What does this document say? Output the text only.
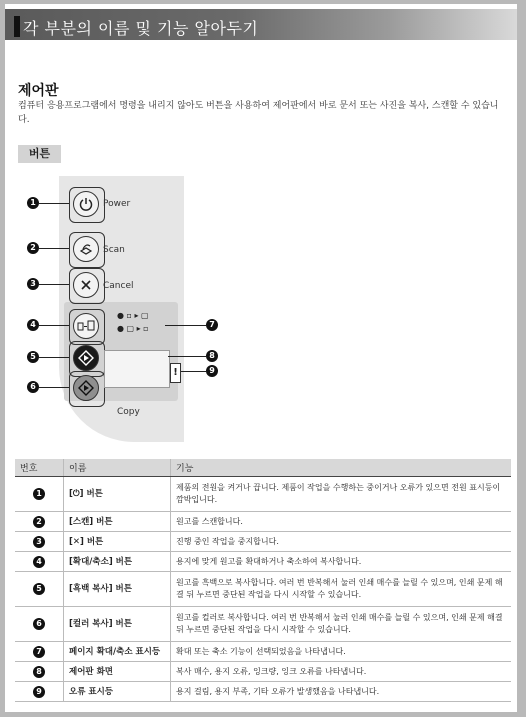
각 부분의 이름 및 기능 알아두기
제어판
컴퓨터 응용프로그램에서 명령을 내리지 않아도 버튼을 사용하여 제어판에서 바로 문서 또는 사진을 복사, 스캔할 수 있습니다.
버튼
Power
Scan
Cancel
● ▫ ▸ ▢
● ▢ ▸ ▫
!
Copy
1
2
3
4
5
6
7
8
9
번호	이름	기능
1	[⏻] 버튼	제품의 전원을 켜거나 끕니다. 제품이 작업을 수행하는 중이거나 오류가 있으면 전원 표시등이 깜박입니다.
2	[스캔] 버튼	원고를 스캔합니다.
3	[✕] 버튼	진행 중인 작업을 중지합니다.
4	[확대/축소] 버튼	용지에 맞게 원고를 확대하거나 축소하여 복사합니다.
5	[흑백 복사] 버튼	원고를 흑백으로 복사합니다. 여러 번 반복해서 눌러 인쇄 매수를 늘릴 수 있으며, 인쇄 문제 해결 뒤 누르면 중단된 작업을 다시 시작할 수 있습니다.
6	[컬러 복사] 버튼	원고를 컬러로 복사합니다. 여러 번 반복해서 눌러 인쇄 매수를 늘릴 수 있으며, 인쇄 문제 해결 뒤 누르면 중단된 작업을 다시 시작할 수 있습니다.
7	페이지 확대/축소 표시등	확대 또는 축소 기능이 선택되었음을 나타냅니다.
8	제어판 화면	복사 매수, 용지 오류, 잉크량, 잉크 오류를 나타냅니다.
9	오류 표시등	용지 걸림, 용지 부족, 기타 오류가 발생했음을 나타냅니다.
